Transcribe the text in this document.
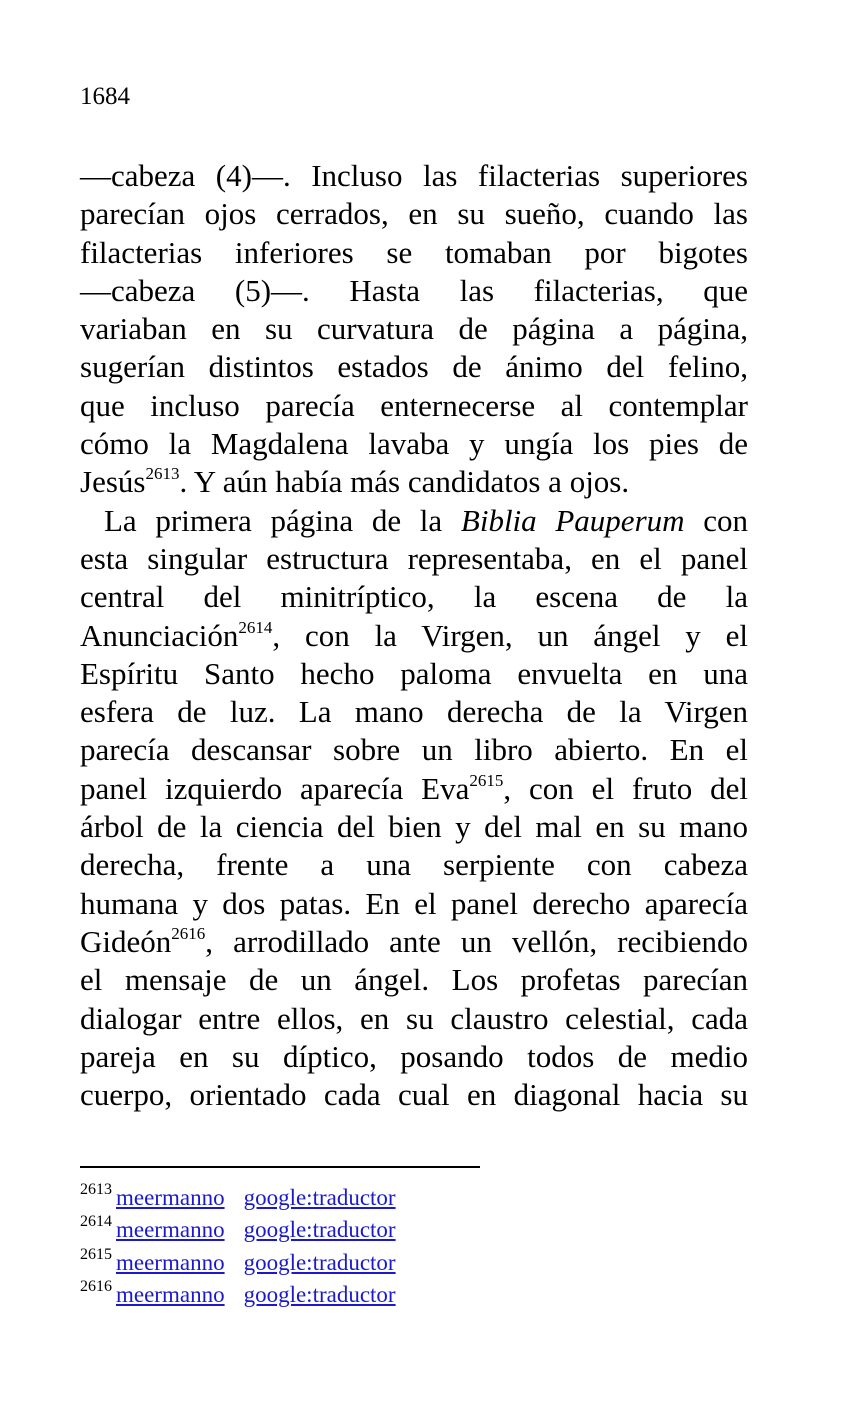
1684
—cabeza (4)—. Incluso las filacterias superiores
parecían ojos cerrados, en su sueño, cuando las
filacterias inferiores se tomaban por bigotes
—cabeza (5)—. Hasta las filacterias, que
variaban en su curvatura de página a página,
sugerían distintos estados de ánimo del felino,
que incluso parecía enternecerse al contemplar
cómo la Magdalena lavaba y ungía los pies de
Jesús$^{2613}$. Y aún había más candidatos a ojos.
La primera página de la Biblia Pauperum con
esta singular estructura representaba, en el panel
central del minitríptico, la escena de la
Anunciación$^{2614}$, con la Virgen, un ángel y el
Espíritu Santo hecho paloma envuelta en una
esfera de luz. La mano derecha de la Virgen
parecía descansar sobre un libro abierto. En el
panel izquierdo aparecía Eva$^{2615}$, con el fruto del
árbol de la ciencia del bien y del mal en su mano
derecha, frente a una serpiente con cabeza
humana y dos patas. En el panel derecho aparecía
Gideón$^{2616}$, arrodillado ante un vellón, recibiendo
el mensaje de un ángel. Los profetas parecían
dialogar entre ellos, en su claustro celestial, cada
pareja en su díptico, posando todos de medio
cuerpo, orientado cada cual en diagonal hacia su
$^{2613}$ meermanno google:traductor
$^{2614}$ meermanno google:traductor
$^{2615}$ meermanno google:traductor
$^{2616}$ meermanno google:traductor
